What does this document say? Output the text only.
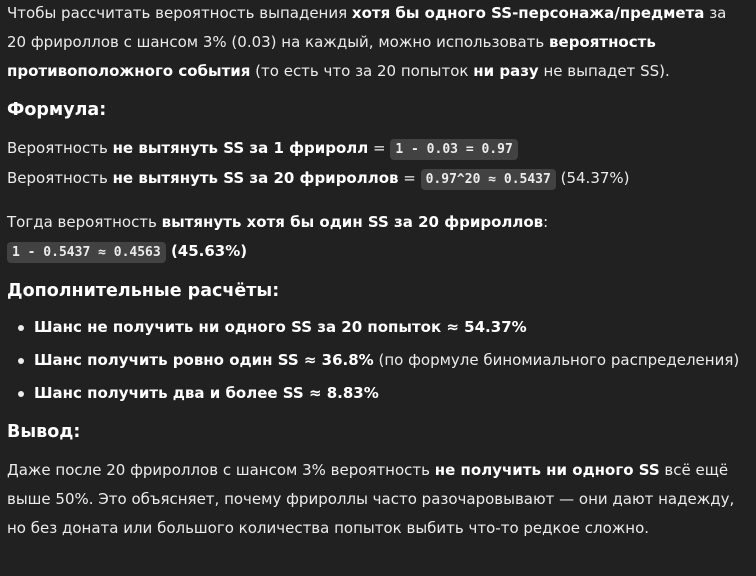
Чтобы рассчитать вероятность выпадения хотя бы одного SS-персонажа/предмета за 20 фрироллов с шансом 3% (0.03) на каждый, можно использовать вероятность противоположного события (то есть что за 20 попыток ни разу не выпадет SS).

Формула:

Вероятность не вытянуть SS за 1 фриролл = 1 - 0.03 = 0.97

Вероятность не вытянуть SS за 20 фрироллов = 0.97^20 ≈ 0.5437 (54.37%)

Тогда вероятность вытянуть хотя бы один SS за 20 фрироллов:

1 - 0.5437 ≈ 0.4563 (45.63%)

Дополнительные расчёты:
Шанс не получить ни одного SS за 20 попыток ≈ 54.37%
Шанс получить ровно один SS ≈ 36.8% (по формуле биномиального распределения)
Шанс получить два и более SS ≈ 8.83%
Вывод:

Даже после 20 фрироллов с шансом 3% вероятность не получить ни одного SS всё ещё выше 50%. Это объясняет, почему фрироллы часто разочаровывают — они дают надежду, но без доната или большого количества попыток выбить что-то редкое сложно.
